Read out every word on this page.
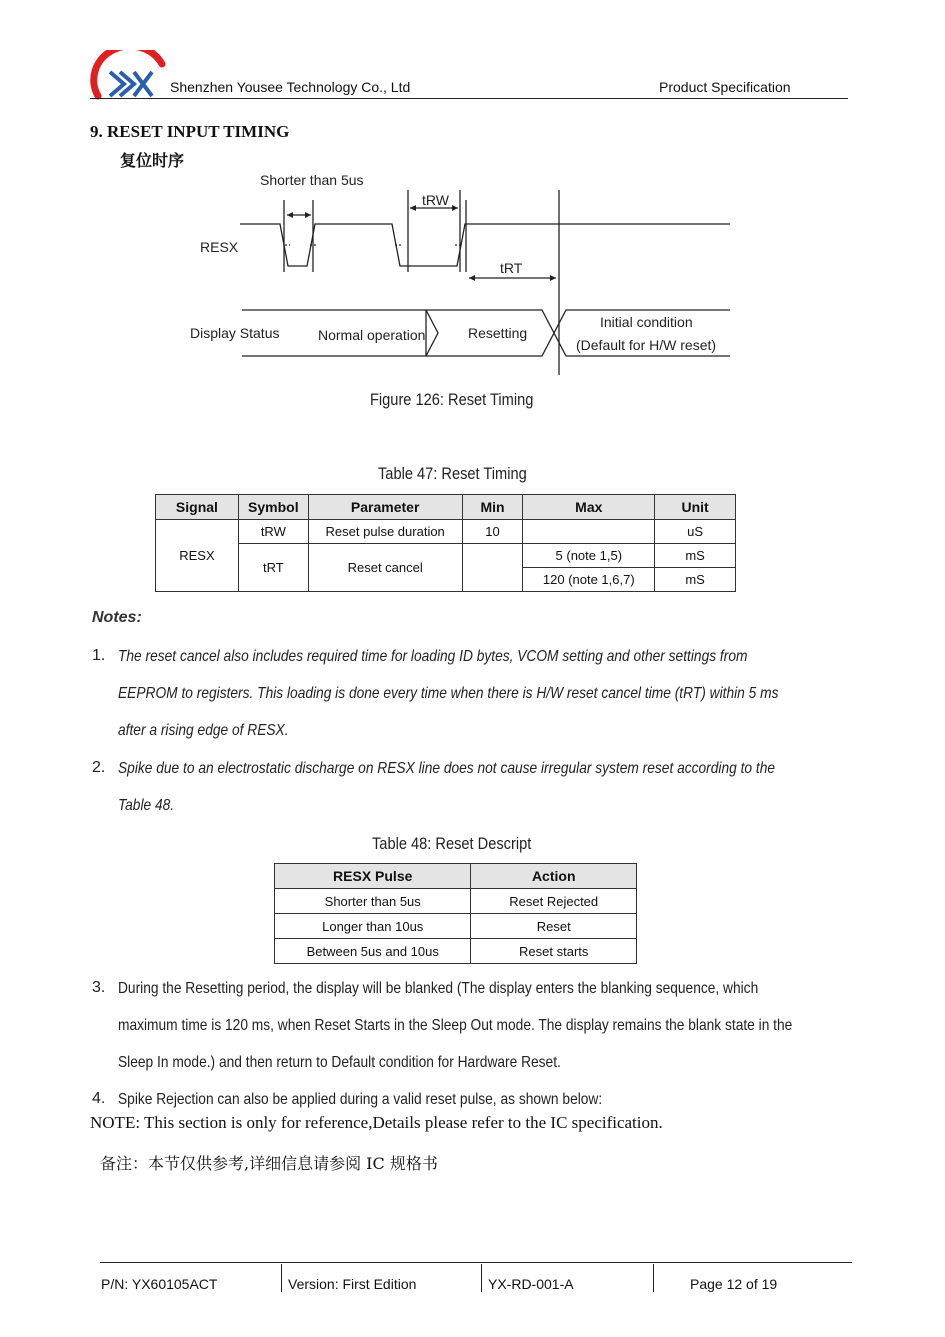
Shenzhen Yousee Technology Co., Ltd	Product Specification
9. RESET INPUT TIMING
复位时序
Shorter than 5us
tRW
tRT
RESX
Display Status	Normal operation	Resetting
Initial condition
(Default for H/W reset)
Figure 126: Reset Timing
Table 47: Reset Timing
Signal	Symbol	Parameter	Min	Max	Unit
RESX	tRW	Reset pulse duration	10		uS
	tRT	Reset cancel		5 (note 1,5)	mS
				120 (note 1,6,7)	mS
Notes:
1. The reset cancel also includes required time for loading ID bytes, VCOM setting and other settings from
EEPROM to registers. This loading is done every time when there is H/W reset cancel time (tRT) within 5 ms
after a rising edge of RESX.
2. Spike due to an electrostatic discharge on RESX line does not cause irregular system reset according to the
Table 48.
Table 48: Reset Descript
RESX Pulse	Action
Shorter than 5us	Reset Rejected
Longer than 10us	Reset
Between 5us and 10us	Reset starts
3. During the Resetting period, the display will be blanked (The display enters the blanking sequence, which
maximum time is 120 ms, when Reset Starts in the Sleep Out mode. The display remains the blank state in the
Sleep In mode.) and then return to Default condition for Hardware Reset.
4. Spike Rejection can also be applied during a valid reset pulse, as shown below:
NOTE: This section is only for reference,Details please refer to the IC specification.
备注：本节仅供参考,详细信息请参阅 IC 规格书
P/N: YX60105ACT	Version: First Edition	YX-RD-001-A	Page 12 of 19
